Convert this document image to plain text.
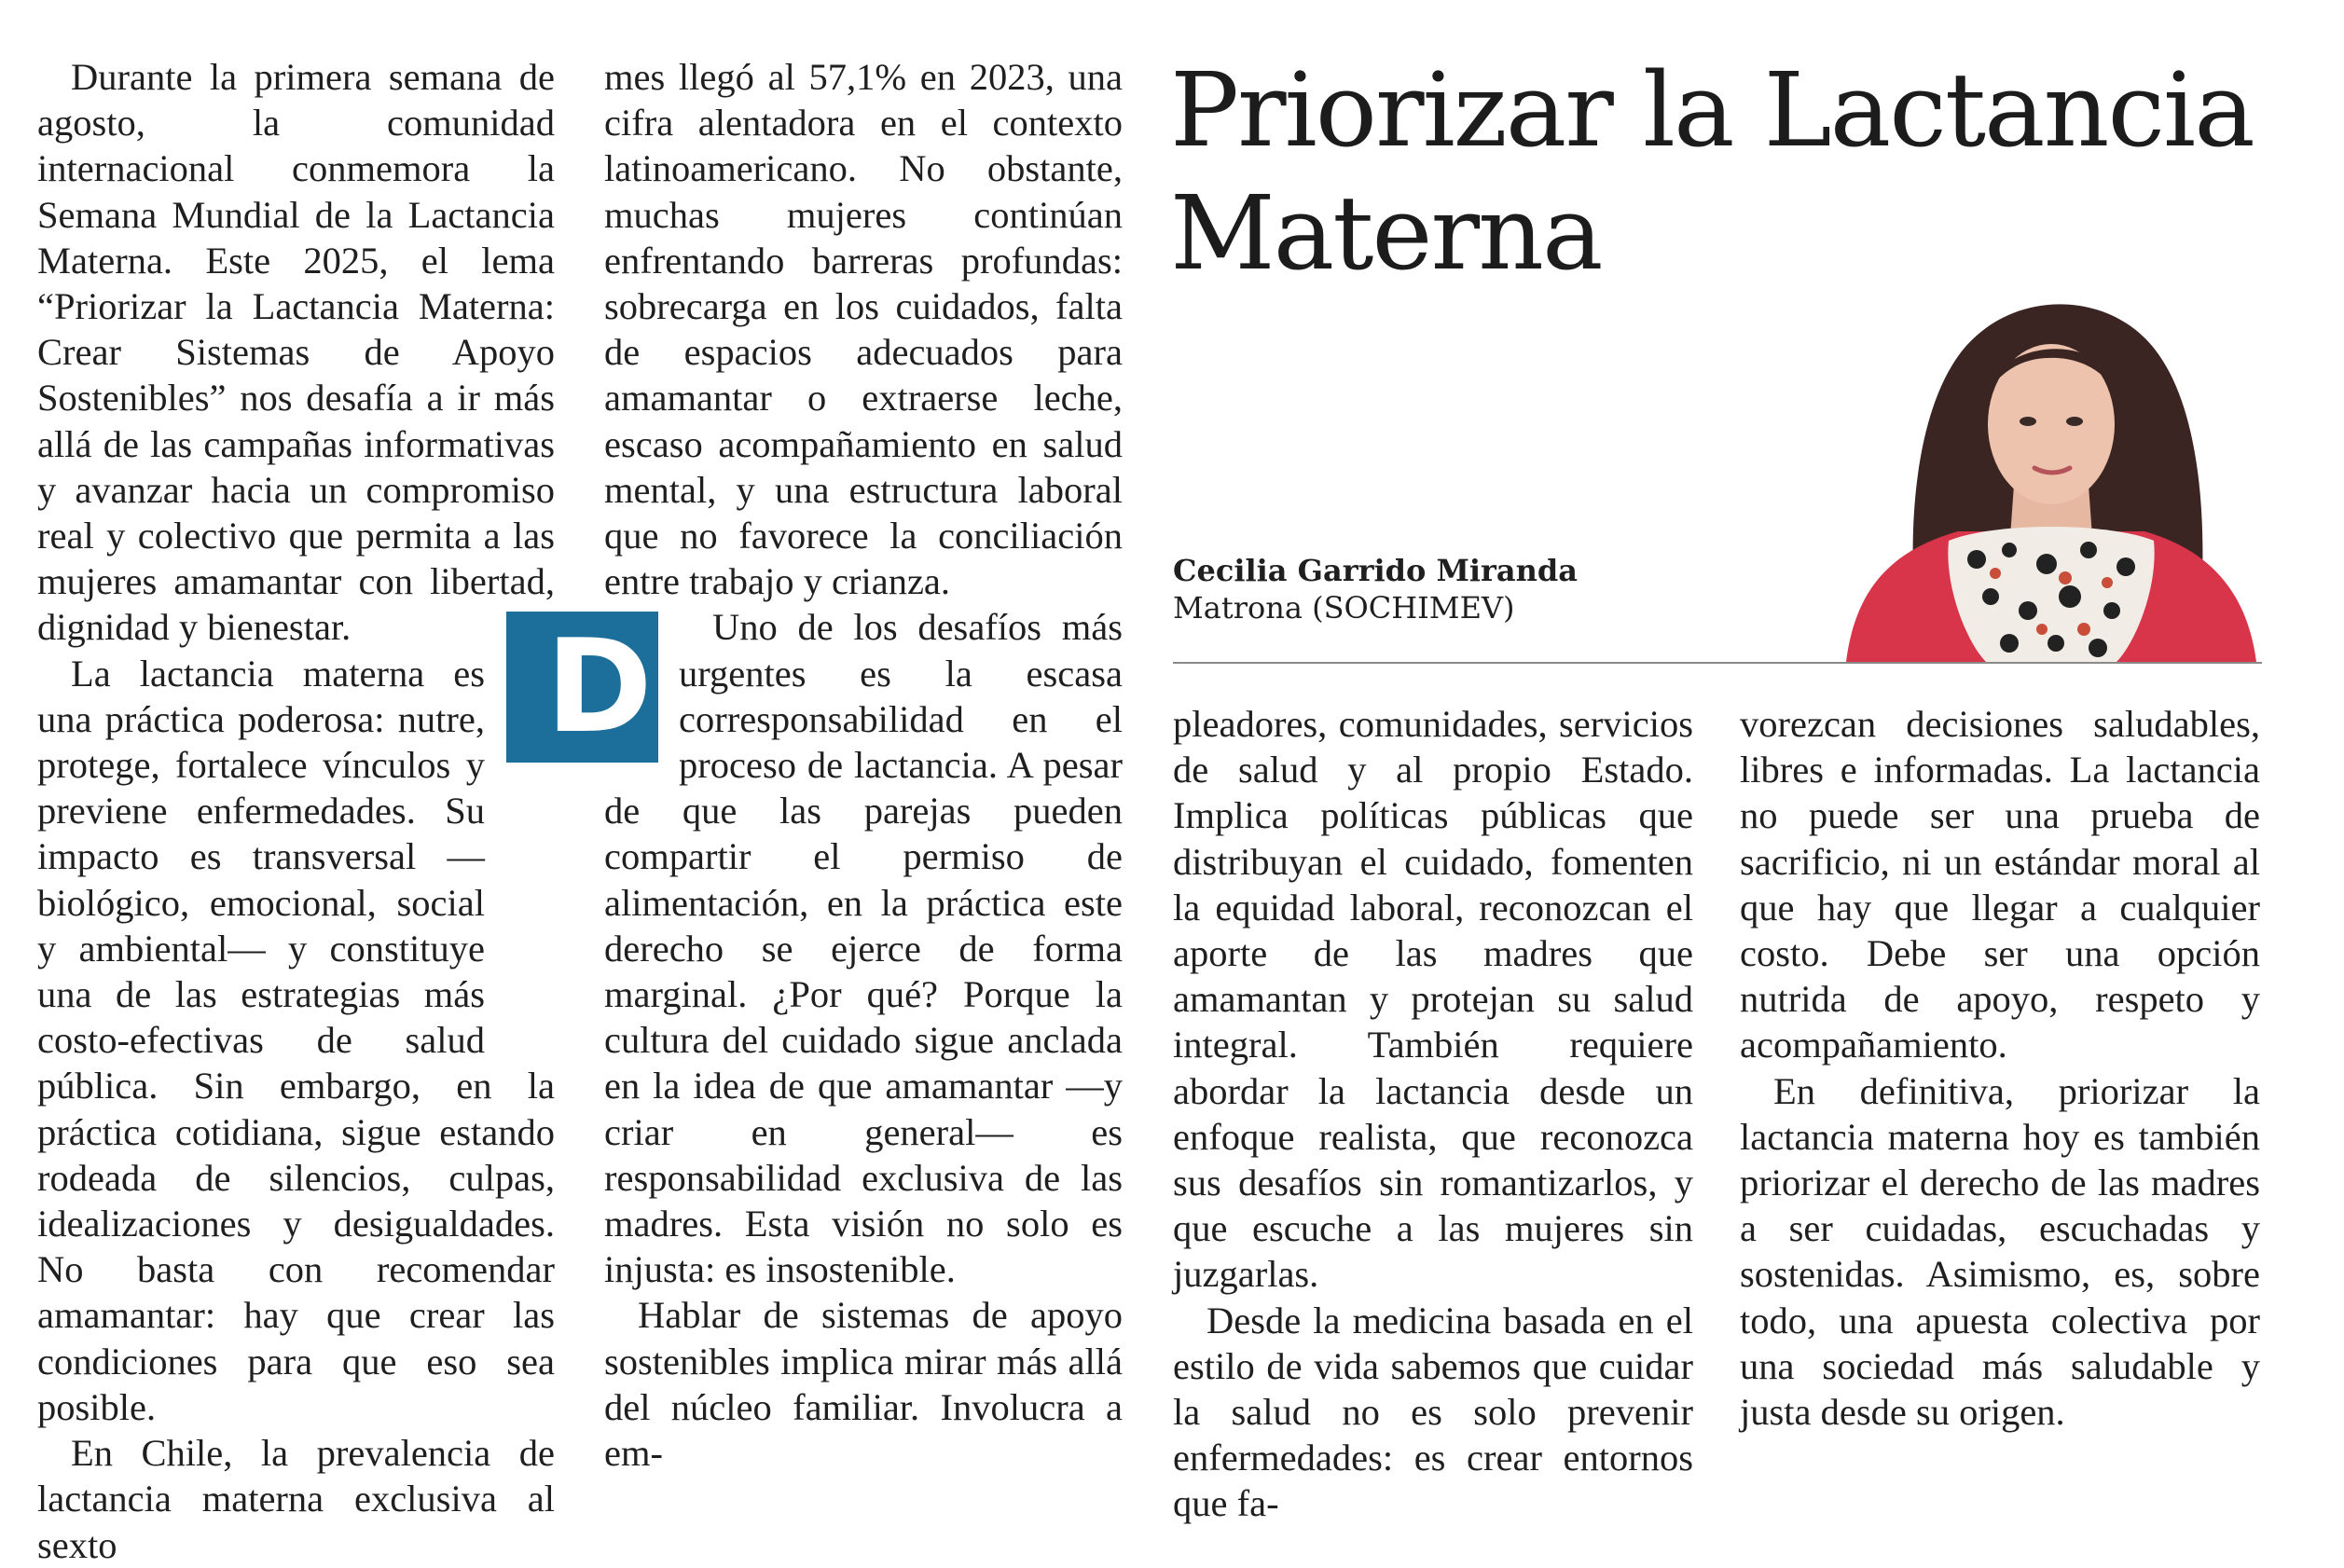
Priorizar la Lactancia Materna
Cecilia Garrido Miranda
Matrona (SOCHIMEV)

Durante la primera semana de agosto, la comunidad internacional conmemora la Semana Mundial de la Lactancia Materna. Este 2025, el lema “Priorizar la Lactancia Materna: Crear Sistemas de Apoyo Sostenibles” nos desafía a ir más allá de las campañas informativas y avanzar hacia un compromiso real y colectivo que permita a las mujeres amamantar con libertad, dignidad y bienestar.

La lactancia materna es una práctica poderosa: nutre, protege, fortalece vínculos y previene enfermedades. Su impacto es transversal —biológico, emocional, social y ambiental— y constituye una de las estrategias más costo-efectivas de salud pública. Sin embargo, en la práctica cotidiana, sigue estando rodeada de silencios, culpas, idealizaciones y desigualdades. No basta con recomendar amamantar: hay que crear las condiciones para que eso sea posible.

En Chile, la prevalencia de lactancia materna exclusiva al sexto

mes llegó al 57,1% en 2023, una cifra alentadora en el contexto latinoamericano. No obstante, muchas mujeres continúan enfrentando barreras profundas: sobrecarga en los cuidados, falta de espacios adecuados para amamantar o extraerse leche, escaso acompañamiento en salud mental, y una estructura laboral que no favorece la conciliación entre trabajo y crianza.

D Uno de los desafíos más urgentes es la escasa corresponsabilidad en el proceso de lactancia. A pesar de que las parejas pueden compartir el permiso de alimentación, en la práctica este derecho se ejerce de forma marginal. ¿Por qué? Porque la cultura del cuidado sigue anclada en la idea de que amamantar —y criar en general— es responsabilidad exclusiva de las madres. Esta visión no solo es injusta: es insostenible.

Hablar de sistemas de apoyo sostenibles implica mirar más allá del núcleo familiar. Involucra a em-

pleadores, comunidades, servicios de salud y al propio Estado. Implica políticas públicas que distribuyan el cuidado, fomenten la equidad laboral, reconozcan el aporte de las madres que amamantan y protejan su salud integral. También requiere abordar la lactancia desde un enfoque realista, que reconozca sus desafíos sin romantizarlos, y que escuche a las mujeres sin juzgarlas.

Desde la medicina basada en el estilo de vida sabemos que cuidar la salud no es solo prevenir enfermedades: es crear entornos que fa-

vorezcan decisiones saludables, libres e informadas. La lactancia no puede ser una prueba de sacrificio, ni un estándar moral al que hay que llegar a cualquier costo. Debe ser una opción nutrida de apoyo, respeto y acompañamiento.

En definitiva, priorizar la lactancia materna hoy es también priorizar el derecho de las madres a ser cuidadas, escuchadas y sostenidas. Asimismo, es, sobre todo, una apuesta colectiva por una sociedad más saludable y justa desde su origen.
